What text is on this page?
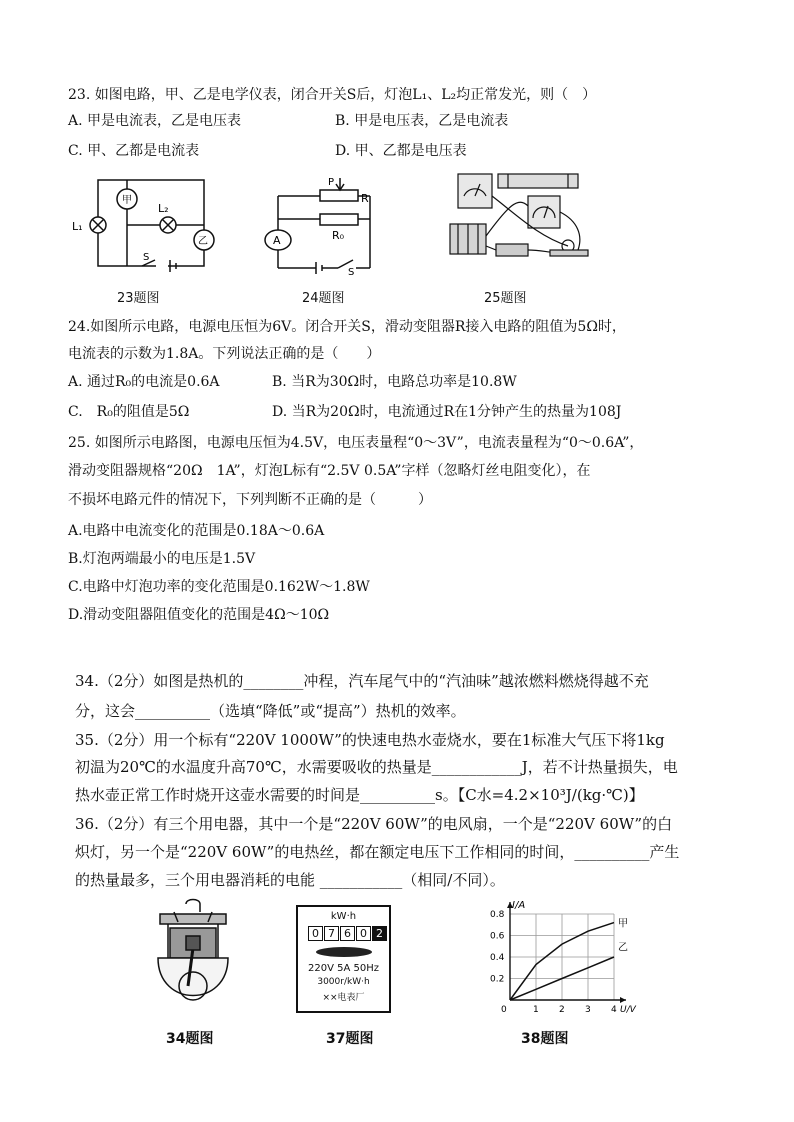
23. 如图电路，甲、乙是电学仪表，闭合开关S后，灯泡L₁、L₂均正常发光，则（　）
A. 甲是电流表，乙是电压表	B. 甲是电压表，乙是电流表
C. 甲、乙都是电流表	D. 甲、乙都是电压表
甲
乙
L₁
L₂
S
23题图
P
R
R₀
A
S
24题图	25题图
24.如图所示电路，电源电压恒为6V。闭合开关S，滑动变阻器R接入电路的阻值为5Ω时，
电流表的示数为1.8A。下列说法正确的是（　　）
A. 通过R₀的电流是0.6A	B. 当R为30Ω时，电路总功率是10.8W
C.　R₀的阻值是5Ω	D. 当R为20Ω时，电流通过R在1分钟产生的热量为108J
25. 如图所示电路图，电源电压恒为4.5V，电压表量程“0～3V”，电流表量程为“0～0.6A”，
滑动变阻器规格“20Ω　1A”，灯泡L标有“2.5V 0.5A”字样（忽略灯丝电阻变化），在
不损坏电路元件的情况下，下列判断不正确的是（　　　）
A.电路中电流变化的范围是0.18A～0.6A
B.灯泡两端最小的电压是1.5V
C.电路中灯泡功率的变化范围是0.162W～1.8W
D.滑动变阻器阻值变化的范围是4Ω～10Ω
34.（2分）如图是热机的________冲程，汽车尾气中的“汽油味”越浓燃料燃烧得越不充
分，这会__________（选填“降低”或“提高”）热机的效率。
35.（2分）用一个标有“220V 1000W”的快速电热水壶烧水，要在1标准大气压下将1kg
初温为20℃的水温度升高70℃，水需要吸收的热量是____________J，若不计热量损失，电
热水壶正常工作时烧开这壶水需要的时间是__________s。【C水=4.2×10³J/(kg·℃)】
36.（2分）有三个用电器，其中一个是“220V 60W”的电风扇，一个是“220V 60W”的白
炽灯，另一个是“220V 60W”的电热丝，都在额定电压下工作相同的时间，__________产生
的热量最多，三个用电器消耗的电能 ___________（相同/不同）。
34题图
kW·h
0 7 6 0 2
220V 5A 50Hz
3000r/kW·h
××电表厂
37题图
I/A
U/V
0.8
0.6
0.4
0.2
0	1 2 3 4
甲
乙
38题图
